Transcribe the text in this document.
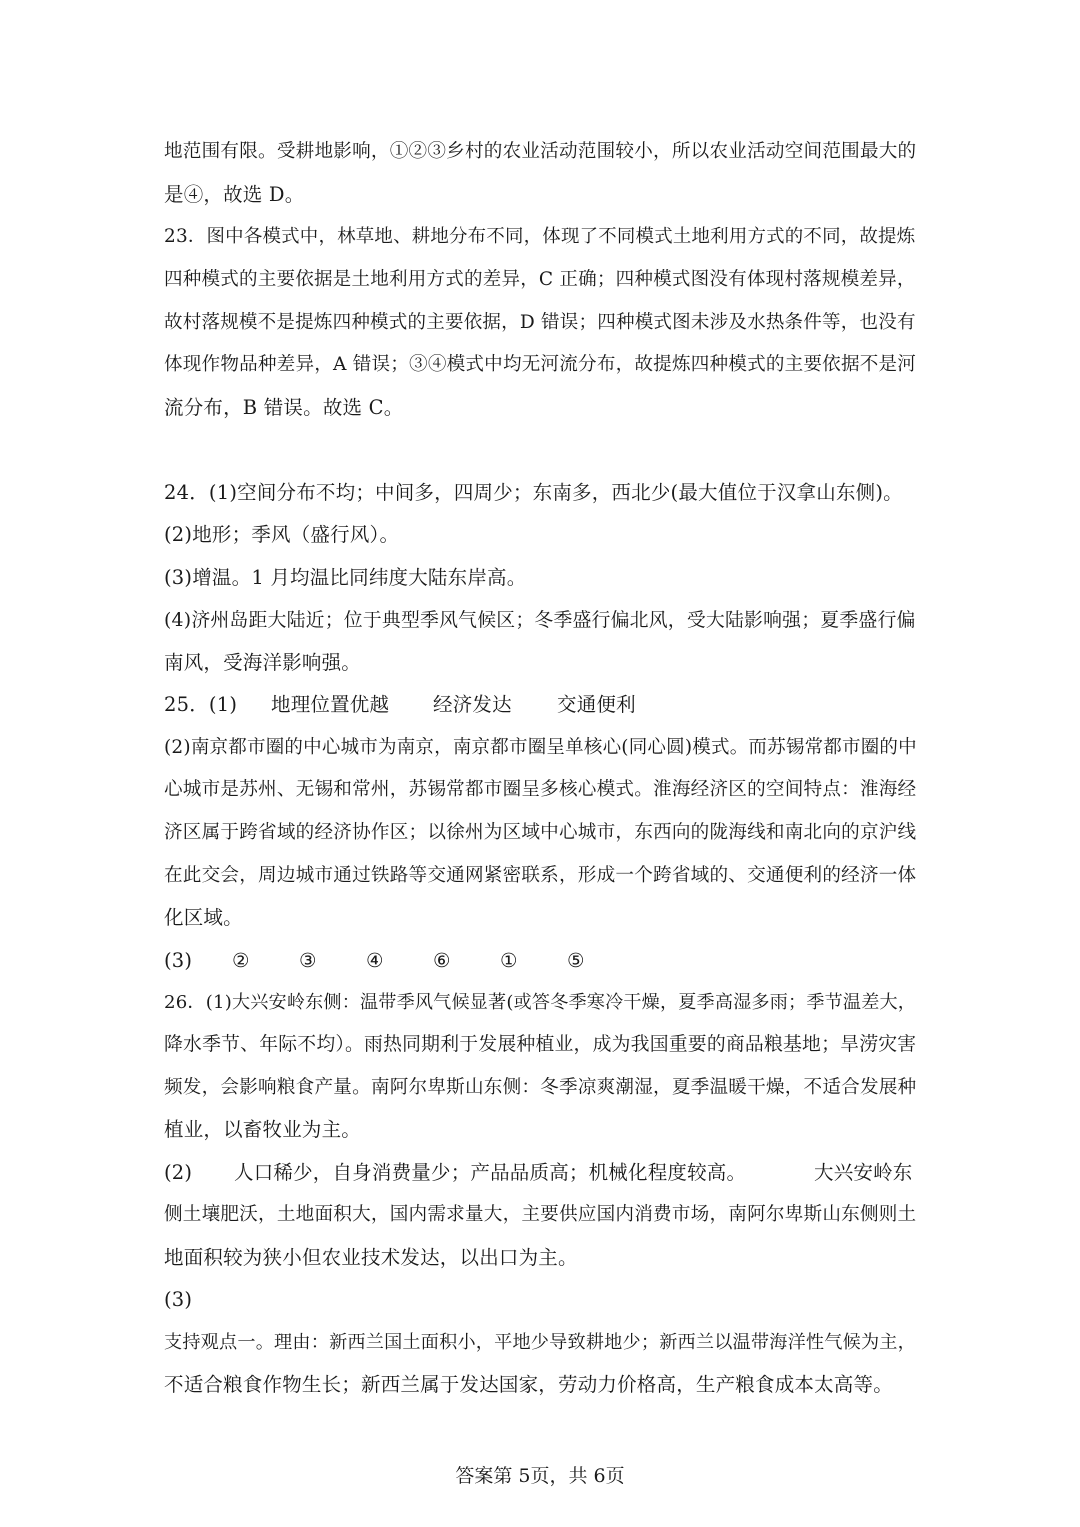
地范围有限。受耕地影响，①②③乡村的农业活动范围较小，所以农业活动空间范围最大的
是④，故选 D。
23．图中各模式中，林草地、耕地分布不同，体现了不同模式土地利用方式的不同，故提炼
四种模式的主要依据是土地利用方式的差异，C 正确；四种模式图没有体现村落规模差异，
故村落规模不是提炼四种模式的主要依据，D 错误；四种模式图未涉及水热条件等，也没有
体现作物品种差异，A 错误；③④模式中均无河流分布，故提炼四种模式的主要依据不是河
流分布，B 错误。故选 C。
24．(1)空间分布不均；中间多，四周少；东南多，西北少(最大值位于汉拿山东侧)。
(2)地形；季风（盛行风）。
(3)增温。1 月均温比同纬度大陆东岸高。
(4)济州岛距大陆近；位于典型季风气候区；冬季盛行偏北风，受大陆影响强；夏季盛行偏
南风，受海洋影响强。
25．(1) 地理位置优越 经济发达 交通便利
(2)南京都市圈的中心城市为南京，南京都市圈呈单核心(同心圆)模式。而苏锡常都市圈的中
心城市是苏州、无锡和常州，苏锡常都市圈呈多核心模式。淮海经济区的空间特点：淮海经
济区属于跨省域的经济协作区；以徐州为区域中心城市，东西向的陇海线和南北向的京沪线
在此交会，周边城市通过铁路等交通网紧密联系，形成一个跨省域的、交通便利的经济一体
化区域。
(3) ②	③	④	⑥	①	⑤
26．(1)大兴安岭东侧：温带季风气候显著(或答冬季寒冷干燥，夏季高湿多雨；季节温差大，
降水季节、年际不均）。雨热同期利于发展种植业，成为我国重要的商品粮基地；旱涝灾害
频发，会影响粮食产量。南阿尔卑斯山东侧：冬季凉爽潮湿，夏季温暖干燥，不适合发展种
植业，以畜牧业为主。
(2) 人口稀少，自身消费量少；产品品质高；机械化程度较高。	大兴安岭东
侧土壤肥沃，土地面积大，国内需求量大，主要供应国内消费市场，南阿尔卑斯山东侧则土
地面积较为狭小但农业技术发达，以出口为主。
(3)
支持观点一。理由：新西兰国土面积小，平地少导致耕地少；新西兰以温带海洋性气候为主，
不适合粮食作物生长；新西兰属于发达国家，劳动力价格高，生产粮食成本太高等。
答案第 5页，共 6页
